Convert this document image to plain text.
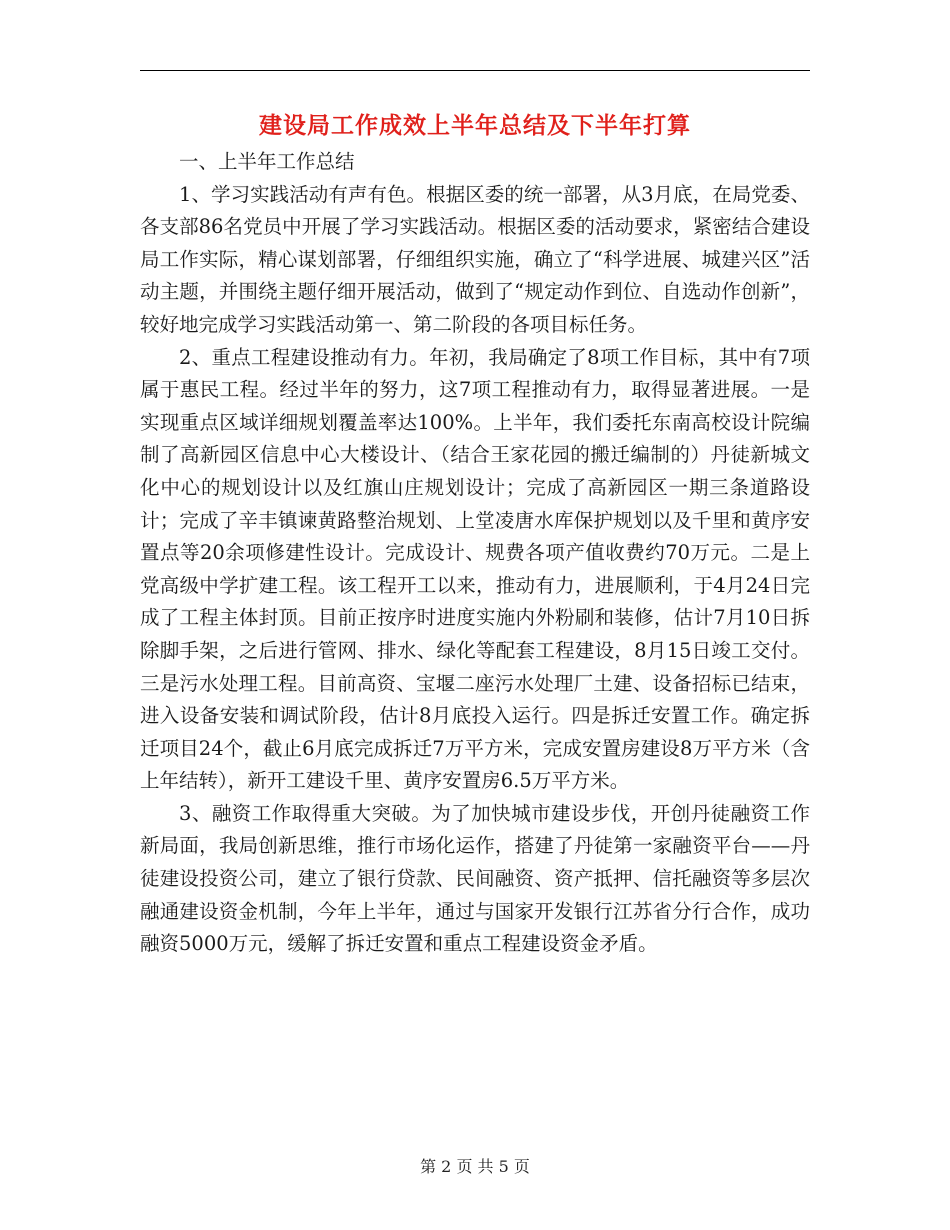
建设局工作成效上半年总结及下半年打算

一、上半年工作总结

1、学习实践活动有声有色。根据区委的统一部署，从3月底，在局党委、各支部86名党员中开展了学习实践活动。根据区委的活动要求，紧密结合建设局工作实际，精心谋划部署，仔细组织实施，确立了“科学进展、城建兴区”活动主题，并围绕主题仔细开展活动，做到了“规定动作到位、自选动作创新”，较好地完成学习实践活动第一、第二阶段的各项目标任务。

2、重点工程建设推动有力。年初，我局确定了8项工作目标，其中有7项属于惠民工程。经过半年的努力，这7项工程推动有力，取得显著进展。一是实现重点区域详细规划覆盖率达100%。上半年，我们委托东南高校设计院编制了高新园区信息中心大楼设计、（结合王家花园的搬迁编制的）丹徒新城文化中心的规划设计以及红旗山庄规划设计；完成了高新园区一期三条道路设计；完成了辛丰镇谏黄路整治规划、上堂凌唐水库保护规划以及千里和黄序安置点等20余项修建性设计。完成设计、规费各项产值收费约70万元。二是上党高级中学扩建工程。该工程开工以来，推动有力，进展顺利，于4月24日完成了工程主体封顶。目前正按序时进度实施内外粉刷和装修，估计7月10日拆除脚手架，之后进行管网、排水、绿化等配套工程建设，8月15日竣工交付。三是污水处理工程。目前高资、宝堰二座污水处理厂土建、设备招标已结束，进入设备安装和调试阶段，估计8月底投入运行。四是拆迁安置工作。确定拆迁项目24个，截止6月底完成拆迁7万平方米，完成安置房建设8万平方米（含上年结转），新开工建设千里、黄序安置房6.5万平方米。

3、融资工作取得重大突破。为了加快城市建设步伐，开创丹徒融资工作新局面，我局创新思维，推行市场化运作，搭建了丹徒第一家融资平台——丹徒建设投资公司，建立了银行贷款、民间融资、资产抵押、信托融资等多层次融通建设资金机制，今年上半年，通过与国家开发银行江苏省分行合作，成功融资5000万元，缓解了拆迁安置和重点工程建设资金矛盾。

第 2 页 共 5 页
